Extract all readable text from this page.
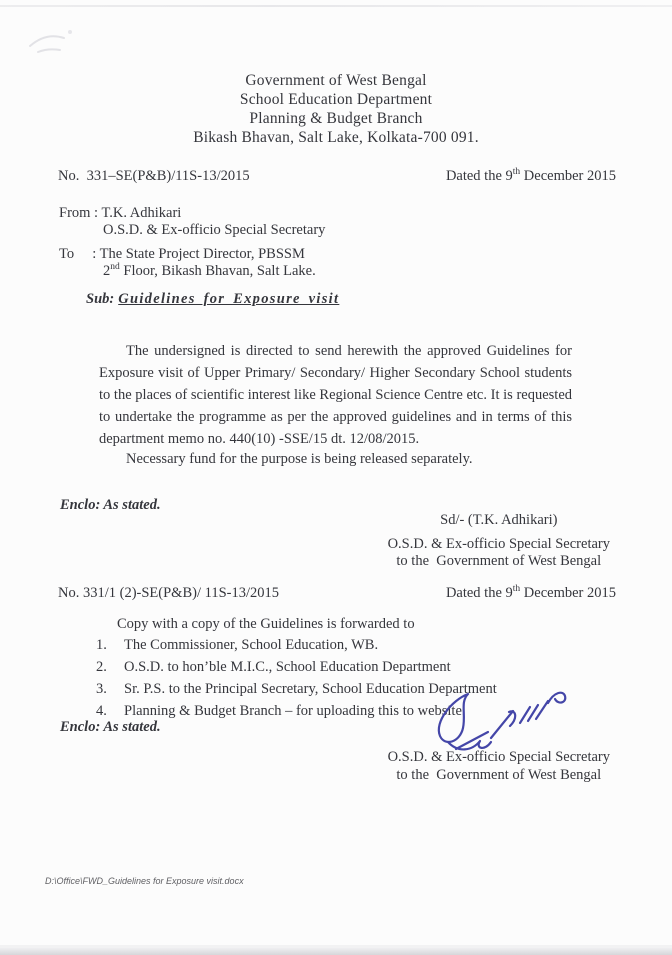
Government of West Bengal
School Education Department
Planning & Budget Branch
Bikash Bhavan, Salt Lake, Kolkata-700 091.
No.  331–SE(P&B)/11S-13/2015	Dated the 9th December 2015
From : T.K. Adhikari
O.S.D. & Ex-officio Special Secretary
To     : The State Project Director, PBSSM
2nd Floor, Bikash Bhavan, Salt Lake.
Sub: Guidelines for Exposure visit
The undersigned is directed to send herewith the approved Guidelines for Exposure visit of Upper Primary/ Secondary/ Higher Secondary School students to the places of scientific interest like Regional Science Centre etc. It is requested to undertake the programme as per the approved guidelines and in terms of this department memo no. 440(10) -SSE/15 dt. 12/08/2015.
Necessary fund for the purpose is being released separately.
Enclo: As stated.
Sd/- (T.K. Adhikari)
O.S.D. & Ex-officio Special Secretary
to the  Government of West Bengal
No. 331/1 (2)-SE(P&B)/ 11S-13/2015	Dated the 9th December 2015
Copy with a copy of the Guidelines is forwarded to
1.	The Commissioner, School Education, WB.
2.	O.S.D. to hon’ble M.I.C., School Education Department
3.	Sr. P.S. to the Principal Secretary, School Education Department
4.	Planning & Budget Branch – for uploading this to website.
Enclo: As stated.
O.S.D. & Ex-officio Special Secretary
to the  Government of West Bengal
D:\Office\FWD_Guidelines for Exposure visit.docx
